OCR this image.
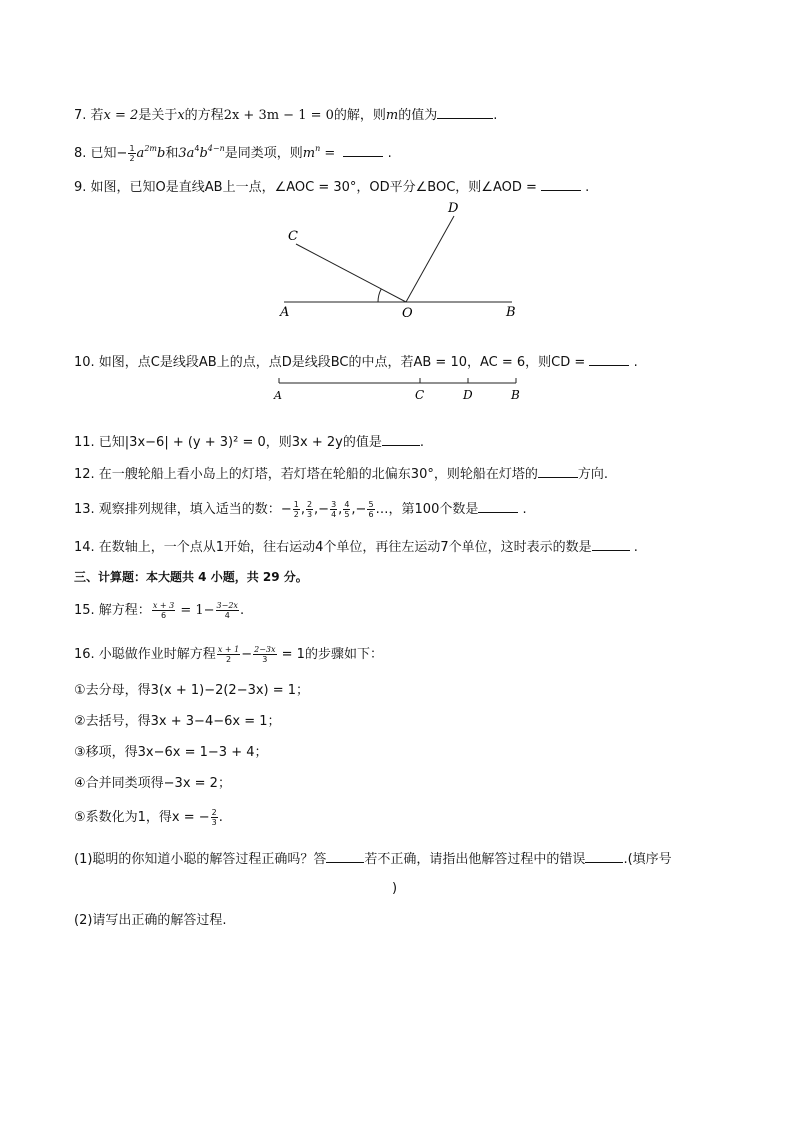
7. 若x = 2是关于x的方程2x + 3m − 1 = 0的解，则m的值为	.
8. 已知− $\frac{1}{2} a^{2m}b$和$3a^4b^{4-n}$是同类项，则$m^n$ =	.
9. 如图，已知O是直线AB上一点，∠AOC = 30°，OD平分∠BOC，则∠AOD =	.
C
D
A	O	B
10. 如图，点C是线段AB上的点，点D是线段BC的中点，若AB = 10，AC = 6，则CD =	.
A	C	D	B
11. 已知|3x−6| + (y + 3)² = 0，则3x + 2y的值是	.
12. 在一艘轮船上看小岛上的灯塔，若灯塔在轮船的北偏东30°，则轮船在灯塔的	方向.
13. 观察排列规律，填入适当的数：− $\frac{1}{2}$ , $\frac{2}{3}$ ,− $\frac{3}{4}$ , $\frac{4}{5}$ ,− $\frac{5}{6}$ …，第100个数是	.
14. 在数轴上，一个点从1开始，往右运动4个单位，再往左运动7个单位，这时表示的数是	.
三、计算题：本大题共 4 小题，共 29 分。
15. 解方程： $\frac{x + 3}{6} = 1- \frac{3-2x}{4}$ .
16. 小聪做作业时解方程 $\frac{x + 1}{2} - \frac{2-3x}{3} = 1$的步骤如下：
①去分母，得3(x + 1)−2(2−3x) = 1；
②去括号，得3x + 3−4−6x = 1；
③移项，得3x−6x = 1−3 + 4；
④合并同类项得−3x = 2；
⑤系数化为1，得x = − $\frac{2}{3}$ .
(1)聪明的你知道小聪的解答过程正确吗？答	若不正确，请指出他解答过程中的错误	.(填序号
)
(2)请写出正确的解答过程.
